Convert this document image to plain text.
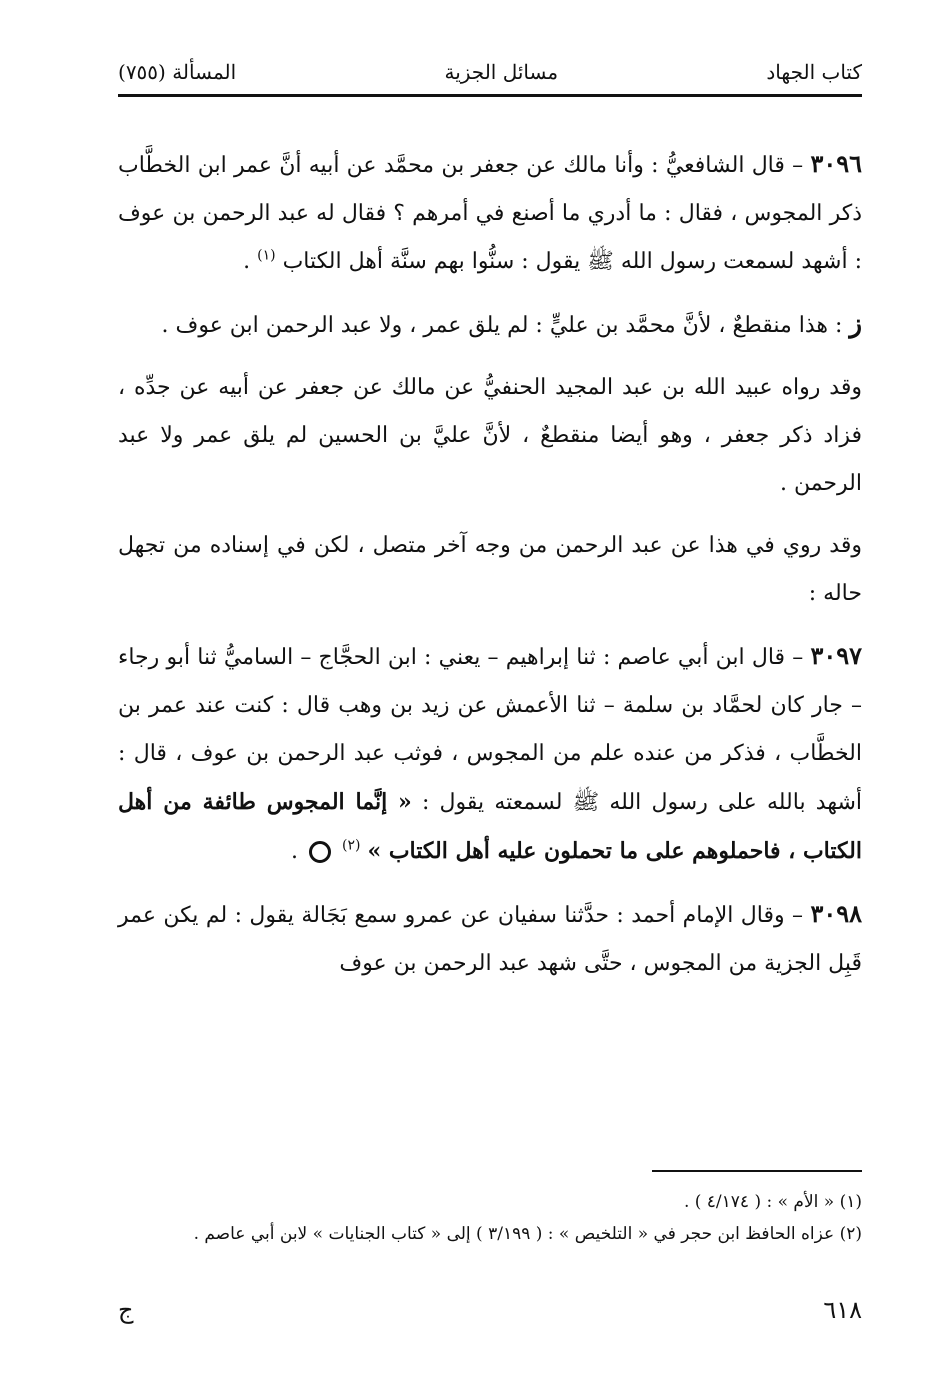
كتاب الجهاد
مسائل الجزية
المسألة (٧٥٥)

٣٠٩٦ – قال الشافعيُّ : وأنا مالك عن جعفر بن محمَّد عن أبيه أنَّ عمر ابن الخطَّاب ذكر المجوس ، فقال : ما أدري ما أصنع في أمرهم ؟ فقال له عبد الرحمن بن عوف : أشهد لسمعت رسول الله ﷺ يقول : سنُّوا بهم سنَّة أهل الكتاب $^{(١)}$ .

ز : هذا منقطعٌ ، لأنَّ محمَّد بن عليٍّ : لم يلق عمر ، ولا عبد الرحمن ابن عوف .

وقد رواه عبيد الله بن عبد المجيد الحنفيُّ عن مالك عن جعفر عن أبيه عن جدِّه ، فزاد ذكر جعفر ، وهو أيضا منقطعٌ ، لأنَّ عليَّ بن الحسين لم يلق عمر ولا عبد الرحمن .

وقد روي في هذا عن عبد الرحمن من وجه آخر متصل ، لكن في إسناده من تجهل حاله :

٣٠٩٧ – قال ابن أبي عاصم : ثنا إبراهيم – يعني : ابن الحجَّاج – الساميُّ ثنا أبو رجاء – جار كان لحمَّاد بن سلمة – ثنا الأعمش عن زيد بن وهب قال : كنت عند عمر بن الخطَّاب ، فذكر من عنده علم من المجوس ، فوثب عبد الرحمن بن عوف ، قال : أشهد بالله على رسول الله ﷺ لسمعته يقول : « إنَّما المجوس طائفة من أهل الكتاب ، فاحملوهم على ما تحملون عليه أهل الكتاب » $^{(٢)}$  .

٣٠٩٨ – وقال الإمام أحمد : حدَّثنا سفيان عن عمرو سمع بَجَالة يقول : لم يكن عمر قَبِل الجزية من المجوس ، حتَّى شهد عبد الرحمن بن عوف

(١) « الأم » : ( ٤/١٧٤ ) .
(٢) عزاه الحافظ ابن حجر في « التلخيص » : ( ٣/١٩٩ ) إلى « كتاب الجنايات » لابن أبي عاصم .
٦١٨
ج
